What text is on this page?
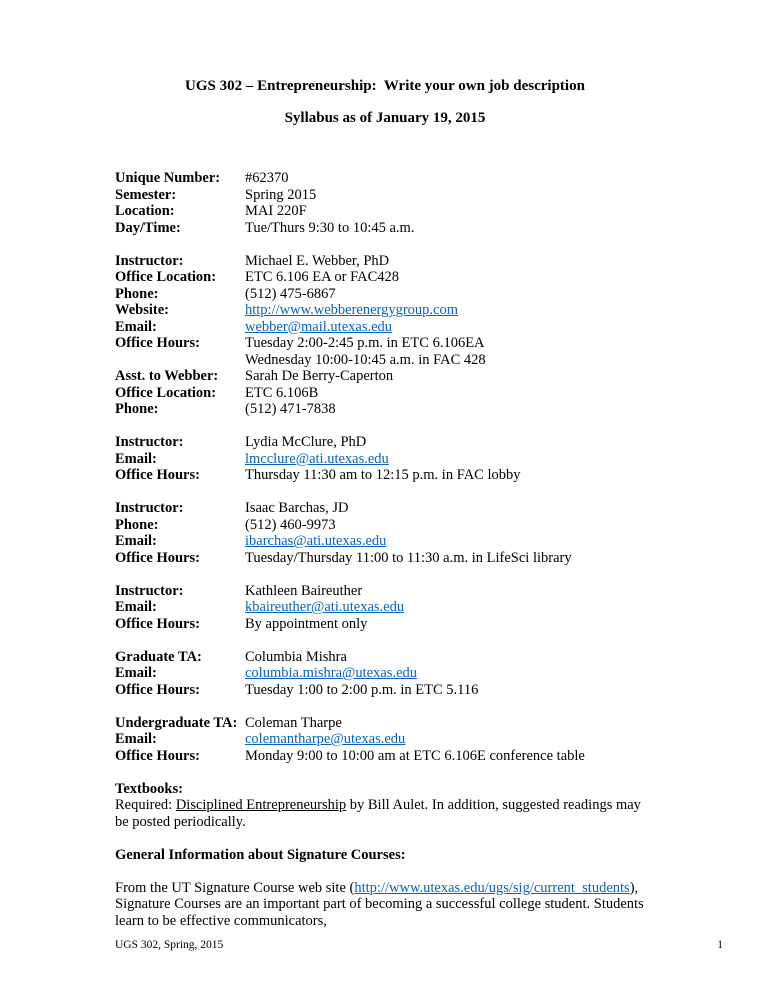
UGS 302 – Entrepreneurship:  Write your own job description
Syllabus as of January 19, 2015
Unique Number:	#62370
Semester:	Spring 2015
Location:	MAI 220F
Day/Time:	Tue/Thurs 9:30 to 10:45 a.m.
Instructor:	Michael E. Webber, PhD
Office Location:	ETC 6.106 EA or FAC428
Phone:	(512) 475-6867
Website:	http://www.webberenergygroup.com
Email:	webber@mail.utexas.edu
Office Hours:	Tuesday 2:00-2:45 p.m. in ETC 6.106EA
Wednesday 10:00-10:45 a.m. in FAC 428
Asst. to Webber:	Sarah De Berry-Caperton
Office Location:	ETC 6.106B
Phone:	(512) 471-7838
Instructor:	Lydia McClure, PhD
Email:	lmcclure@ati.utexas.edu
Office Hours:	Thursday 11:30 am to 12:15 p.m. in FAC lobby
Instructor:	Isaac Barchas, JD
Phone:	(512) 460-9973
Email:	ibarchas@ati.utexas.edu
Office Hours:	Tuesday/Thursday 11:00 to 11:30 a.m. in LifeSci library
Instructor:	Kathleen Baireuther
Email:	kbaireuther@ati.utexas.edu
Office Hours:	By appointment only
Graduate TA:	Columbia Mishra
Email:	columbia.mishra@utexas.edu
Office Hours:	Tuesday 1:00 to 2:00 p.m. in ETC 5.116
Undergraduate TA: Coleman Tharpe
Email:	colemantharpe@utexas.edu
Office Hours:	Monday 9:00 to 10:00 am at ETC 6.106E conference table
Textbooks:
Required: Disciplined Entrepreneurship by Bill Aulet. In addition, suggested readings may be posted periodically.
General Information about Signature Courses:
From the UT Signature Course web site (http://www.utexas.edu/ugs/sig/current_students), Signature Courses are an important part of becoming a successful college student. Students learn to be effective communicators,
UGS 302, Spring, 2015	1
